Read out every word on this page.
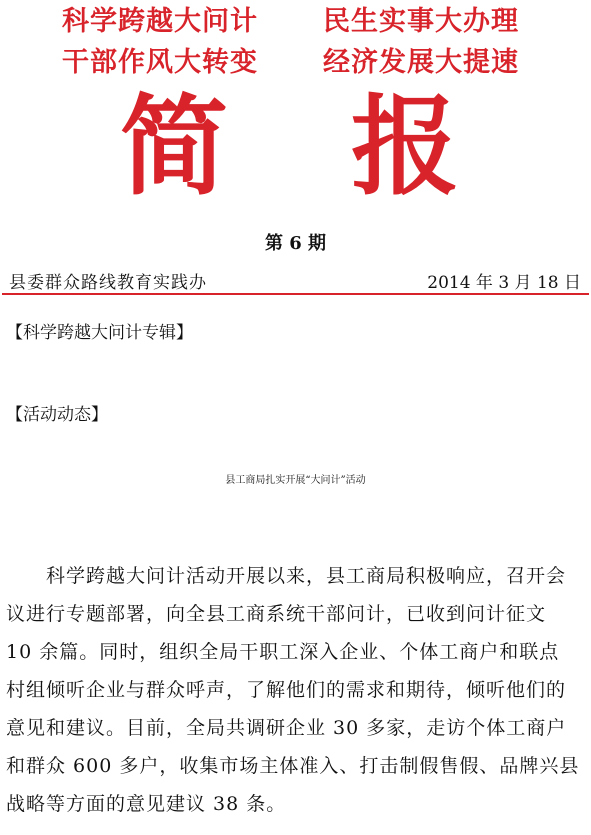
科学跨越大问计
干部作风大转变
民生实事大办理
经济发展大提速
简 报
第 6 期
县委群众路线教育实践办	2014 年 3 月 18 日
【科学跨越大问计专辑】
【活动动态】
县工商局扎实开展“大问计”活动
　　科学跨越大问计活动开展以来，县工商局积极响应，召开会
议进行专题部署，向全县工商系统干部问计，已收到问计征文
10 余篇。同时，组织全局干职工深入企业、个体工商户和联点
村组倾听企业与群众呼声，了解他们的需求和期待，倾听他们的
意见和建议。目前，全局共调研企业 30 多家，走访个体工商户
和群众 600 多户，收集市场主体准入、打击制假售假、品牌兴县
战略等方面的意见建议 38 条。
